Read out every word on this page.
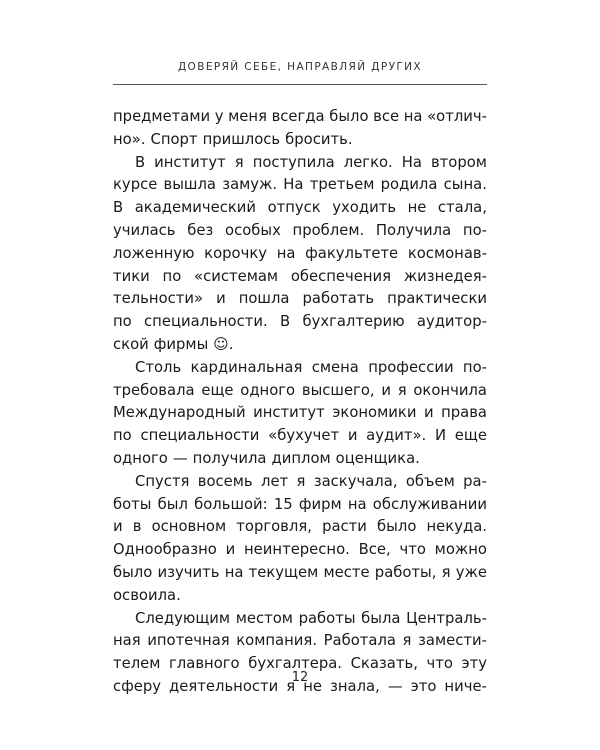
ДОВЕРЯЙ СЕБЕ, НАПРАВЛЯЙ ДРУГИХ
предметами у меня всегда было все на «отлич-
но». Спорт пришлось бросить.
В институт я поступила легко. На втором
курсе вышла замуж. На третьем родила сына.
В академический отпуск уходить не стала,
училась без особых проблем. Получила по-
ложенную корочку на факультете космонав-
тики по «системам обеспечения жизнедея-
тельности» и пошла работать практически
по специальности. В бухгалтерию аудитор-
ской фирмы ☺.
Столь кардинальная смена профессии по-
требовала еще одного высшего, и я окончила
Международный институт экономики и права
по специальности «бухучет и аудит». И еще
одного — получила диплом оценщика.
Спустя восемь лет я заскучала, объем ра-
боты был большой: 15 фирм на обслуживании
и в основном торговля, расти было некуда.
Однообразно и неинтересно. Все, что можно
было изучить на текущем месте работы, я уже
освоила.
Следующим местом работы была Централь-
ная ипотечная компания. Работала я замести-
телем главного бухгалтера. Сказать, что эту
сферу деятельности я не знала, — это ниче-
12
